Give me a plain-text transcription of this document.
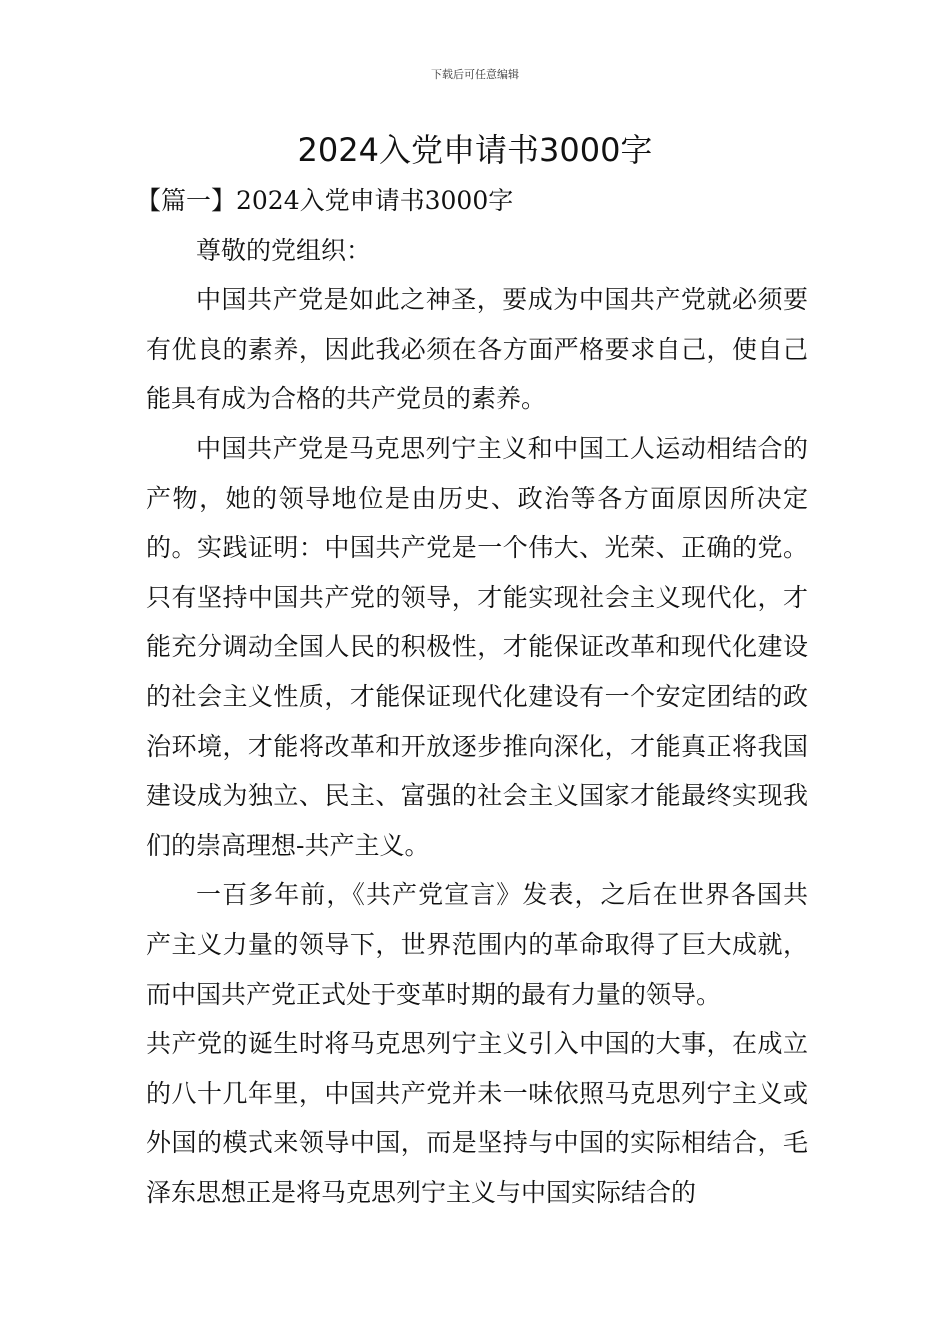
下载后可任意编辑
2024入党申请书3000字

【篇一】2024入党申请书3000字

尊敬的党组织：

中国共产党是如此之神圣，要成为中国共产党就必须要有优良的素养，因此我必须在各方面严格要求自己，使自己能具有成为合格的共产党员的素养。

中国共产党是马克思列宁主义和中国工人运动相结合的产物，她的领导地位是由历史、政治等各方面原因所决定的。实践证明：中国共产党是一个伟大、光荣、正确的党。只有坚持中国共产党的领导，才能实现社会主义现代化，才能充分调动全国人民的积极性，才能保证改革和现代化建设的社会主义性质，才能保证现代化建设有一个安定团结的政治环境，才能将改革和开放逐步推向深化，才能真正将我国建设成为独立、民主、富强的社会主义国家才能最终实现我们的崇高理想-共产主义。

一百多年前，《共产党宣言》发表，之后在世界各国共产主义力量的领导下，世界范围内的革命取得了巨大成就，而中国共产党正式处于变革时期的最有力量的领导。

共产党的诞生时将马克思列宁主义引入中国的大事，在成立的八十几年里，中国共产党并未一味依照马克思列宁主义或外国的模式来领导中国，而是坚持与中国的实际相结合，毛泽东思想正是将马克思列宁主义与中国实际结合的
